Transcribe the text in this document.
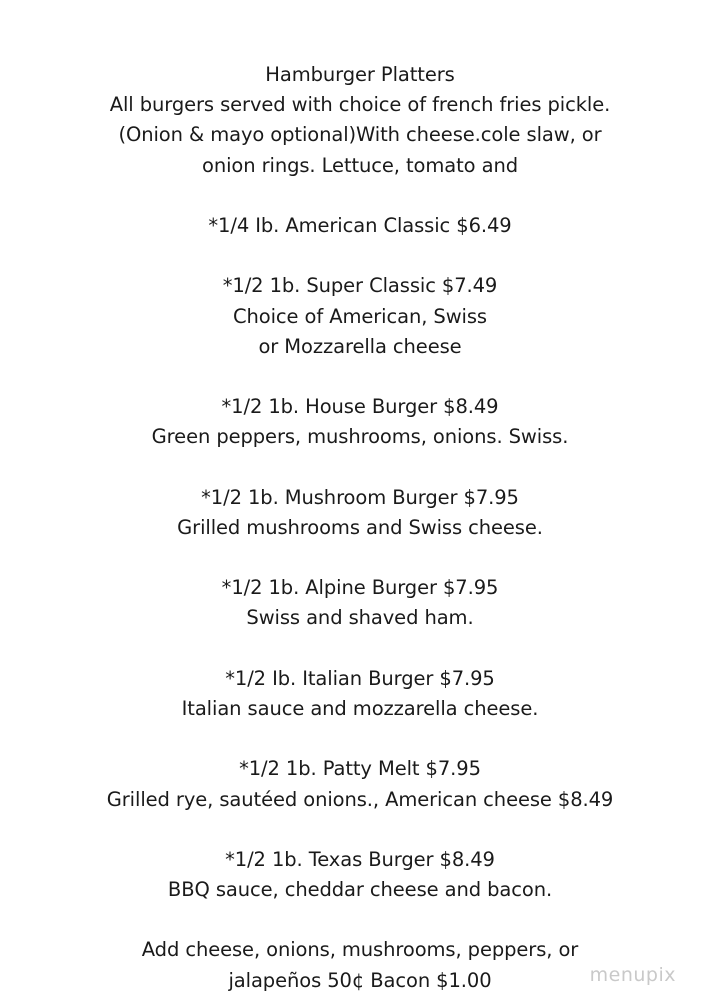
Hamburger Platters
All burgers served with choice of french fries pickle.
(Onion & mayo optional)With cheese.cole slaw, or
onion rings. Lettuce, tomato and
*1/4 Ib. American Classic $6.49
*1/2 1b. Super Classic $7.49
Choice of American, Swiss
or Mozzarella cheese
*1/2 1b. House Burger $8.49
Green peppers, mushrooms, onions. Swiss.
*1/2 1b. Mushroom Burger $7.95
Grilled mushrooms and Swiss cheese.
*1/2 1b. Alpine Burger $7.95
Swiss and shaved ham.
*1/2 Ib. Italian Burger $7.95
Italian sauce and mozzarella cheese.
*1/2 1b. Patty Melt $7.95
Grilled rye, sautéed onions., American cheese $8.49
*1/2 1b. Texas Burger $8.49
BBQ sauce, cheddar cheese and bacon.
Add cheese, onions, mushrooms, peppers, or
jalapeños 50¢ Bacon $1.00	menupix
